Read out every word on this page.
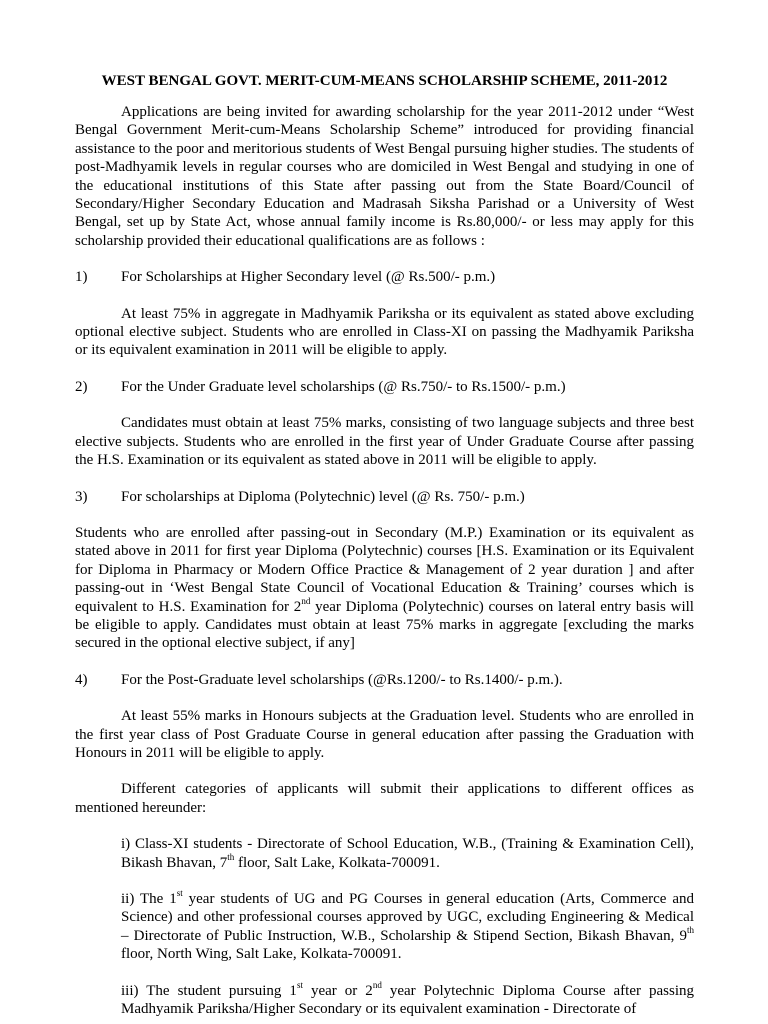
WEST BENGAL GOVT. MERIT-CUM-MEANS SCHOLARSHIP SCHEME, 2011-2012

Applications are being invited for awarding scholarship for the year 2011-2012 under “West Bengal Government Merit-cum-Means Scholarship Scheme” introduced for providing financial assistance to the poor and meritorious students of West Bengal pursuing higher studies. The students of post-Madhyamik levels in regular courses who are domiciled in West Bengal and studying in one of the educational institutions of this State after passing out from the State Board/Council of Secondary/Higher Secondary Education and Madrasah Siksha Parishad or a University of West Bengal, set up by State Act, whose annual family income is Rs.80,000/- or less may apply for this scholarship provided their educational qualifications are as follows :

1)	For Scholarships at Higher Secondary level (@ Rs.500/- p.m.)

At least 75% in aggregate in Madhyamik Pariksha or its equivalent as stated above excluding optional elective subject. Students who are enrolled in Class-XI on passing the Madhyamik Pariksha or its equivalent examination in 2011 will be eligible to apply.

2)	For the Under Graduate level scholarships (@ Rs.750/- to Rs.1500/- p.m.)

Candidates must obtain at least 75% marks, consisting of two language subjects and three best elective subjects. Students who are enrolled in the first year of Under Graduate Course after passing the H.S. Examination or its equivalent as stated above in 2011 will be eligible to apply.

3)	For scholarships at Diploma (Polytechnic) level (@ Rs. 750/- p.m.)

Students who are enrolled after passing-out in Secondary (M.P.) Examination or its equivalent as stated above in 2011 for first year Diploma (Polytechnic) courses [H.S. Examination or its Equivalent for Diploma in Pharmacy or Modern Office Practice & Management of 2 year duration ] and after passing-out in ‘West Bengal State Council of Vocational Education & Training’ courses which is equivalent to H.S. Examination for 2nd year Diploma (Polytechnic) courses on lateral entry basis will be eligible to apply. Candidates must obtain at least 75% marks in aggregate [excluding the marks secured in the optional elective subject, if any]

4)	For the Post-Graduate level scholarships (@Rs.1200/- to Rs.1400/- p.m.).

At least 55% marks in Honours subjects at the Graduation level. Students who are enrolled in the first year class of Post Graduate Course in general education after passing the Graduation with Honours in 2011 will be eligible to apply.

Different categories of applicants will submit their applications to different offices as mentioned hereunder:

i) Class-XI students - Directorate of School Education, W.B., (Training & Examination Cell), Bikash Bhavan, 7th floor, Salt Lake, Kolkata-700091.

ii) The 1st year students of UG and PG Courses in general education (Arts, Commerce and Science) and other professional courses approved by UGC, excluding Engineering & Medical – Directorate of Public Instruction, W.B., Scholarship & Stipend Section, Bikash Bhavan, 9th floor, North Wing, Salt Lake, Kolkata-700091.

iii) The student pursuing 1st year or 2nd year Polytechnic Diploma Course after passing Madhyamik Pariksha/Higher Secondary or its equivalent examination - Directorate of
